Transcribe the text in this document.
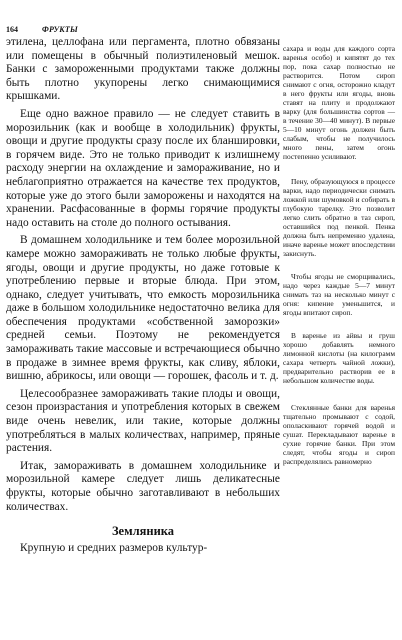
164	ФРУКТЫ

этилена, целлофана или пергамента, плотно обвязаны или помещены в обычный полиэтиленовый мешок. Банки с замороженными продуктами также должны быть плотно укупорены легко снимающимися крышками.

Еще одно важное правило — не следует ставить в морозильник (как и вообще в холодильник) фрукты, овощи и другие продукты сразу после их бланшировки, в горячем виде. Это не только приводит к излишнему расходу энергии на охлаждение и замораживание, но и неблагоприятно отражается на качестве тех продуктов, которые уже до этого были заморожены и находятся на хранении. Расфасованные в формы горячие продукты надо оставить на столе до полного остывания.

В домашнем холодильнике и тем более морозильной камере можно замораживать не только любые фрукты, ягоды, овощи и другие продукты, но даже готовые к употреблению первые и вторые блюда. При этом, однако, следует учитывать, что емкость морозильника даже в большом холодильнике недостаточно велика для обеспечения продуктами «собственной заморозки» средней семьи. Поэтому не рекомендуется замораживать такие массовые и встречающиеся обычно в продаже в зимнее время фрукты, как сливу, яблоки, вишню, абрикосы, или овощи — горошек, фасоль и т. д.

Целесообразнее замораживать такие плоды и овощи, сезон произрастания и употребления которых в свежем виде очень невелик, или такие, которые должны употребляться в малых количествах, например, пряные растения.

Итак, замораживать в домашнем холодильнике и морозильной камере следует лишь деликатесные фрукты, которые обычно заготавливают в небольших количествах.

Земляника

Крупную и средних размеров культур-

сахара и воды для каждого сорта варенья особо) и кипятят до тех пор, пока сахар полностью не растворится. Потом сироп снимают с огня, осторожно кладут в него фрукты или ягоды, вновь ставят на плиту и продолжают варку (для большинства сортов — в течение 30—40 минут). В первые 5—10 минут огонь должен быть слабым, чтобы не получилось много пены, затем огонь постепенно усиливают.

Пену, образующуюся в процессе варки, надо периодически снимать ложкой или шумовкой и собирать в глубокую тарелку. Это позволит легко слить обратно в таз сироп, оставшийся под пенкой. Пенка должна быть непременно удалена, иначе варенье может впоследствии закиснуть.

Чтобы ягоды не сморщивались, надо через каждые 5—7 минут снимать таз на несколько минут с огня: кипение уменьшится, и ягоды впитают сироп.

В варенье из айвы и груш хорошо добавлять немного лимонной кислоты (на килограмм сахара четверть чайной ложки), предварительно растворив ее в небольшом количестве воды.

Стеклянные банки для варенья тщательно промывают с содой, ополаскивают горячей водой и сушат. Перекладывают варенье в сухие горячие банки. При этом следят, чтобы ягоды и сироп распределялись равномерно
